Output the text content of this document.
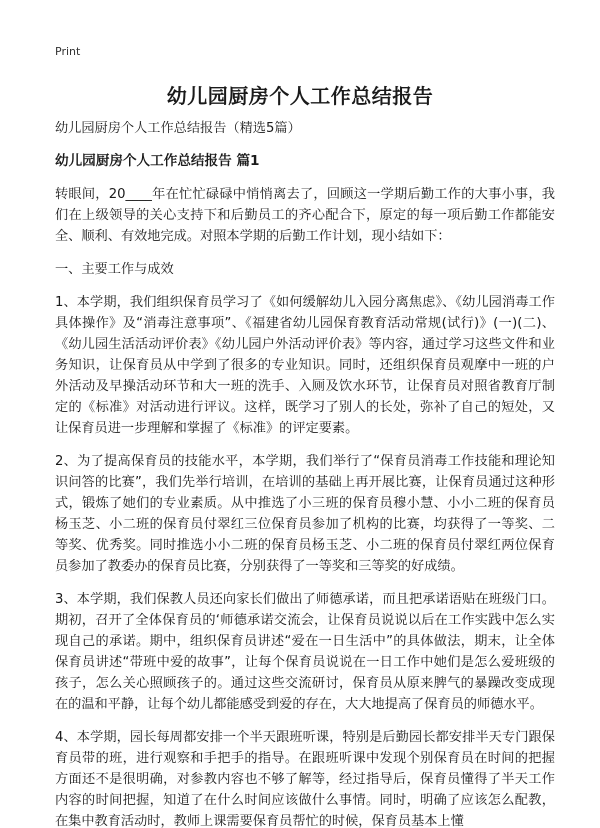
Print
幼儿园厨房个人工作总结报告

幼儿园厨房个人工作总结报告（精选5篇）

幼儿园厨房个人工作总结报告 篇1

转眼间，20____年在忙忙碌碌中悄悄离去了，回顾这一学期后勤工作的大事小事，我们在上级领导的关心支持下和后勤员工的齐心配合下，原定的每一项后勤工作都能安全、顺利、有效地完成。对照本学期的后勤工作计划，现小结如下：

一、主要工作与成效

1、本学期，我们组织保育员学习了《如何缓解幼儿入园分离焦虑》、《幼儿园消毒工作具体操作》及“消毒注意事项”、《福建省幼儿园保育教育活动常规(试行)》(一)(二)、《幼儿园生活活动评价表》《幼儿园户外活动评价表》等内容，通过学习这些文件和业务知识，让保育员从中学到了很多的专业知识。同时，还组织保育员观摩中一班的户外活动及早操活动环节和大一班的洗手、入厕及饮水环节，让保育员对照省教育厅制定的《标准》对活动进行评议。这样，既学习了别人的长处，弥补了自己的短处，又让保育员进一步理解和掌握了《标准》的评定要素。

2、为了提高保育员的技能水平，本学期，我们举行了“保育员消毒工作技能和理论知识问答的比赛”，我们先举行培训，在培训的基础上再开展比赛，让保育员通过这种形式，锻炼了她们的专业素质。从中推选了小三班的保育员穆小慧、小小二班的保育员杨玉芝、小二班的保育员付翠红三位保育员参加了机构的比赛，均获得了一等奖、二等奖、优秀奖。同时推选小小二班的保育员杨玉芝、小二班的保育员付翠红两位保育员参加了教委办的保育员比赛，分别获得了一等奖和三等奖的好成绩。

3、本学期，我们保教人员还向家长们做出了师德承诺，而且把承诺语贴在班级门口。期初，召开了全体保育员的‘师德承诺交流会，让保育员说说以后在工作实践中怎么实现自己的承诺。期中，组织保育员讲述“爱在一日生活中”的具体做法，期末，让全体保育员讲述“带班中爱的故事”，让每个保育员说说在一日工作中她们是怎么爱班级的孩子，怎么关心照顾孩子的。通过这些交流研讨，保育员从原来脾气的暴躁改变成现在的温和平静，让每个幼儿都能感受到爱的存在，大大地提高了保育员的师德水平。

4、本学期，园长每周都安排一个半天跟班听课，特别是后勤园长都安排半天专门跟保育员带的班，进行观察和手把手的指导。在跟班听课中发现个别保育员在时间的把握方面还不是很明确，对参教内容也不够了解等，经过指导后，保育员懂得了半天工作内容的时间把握，知道了在什么时间应该做什么事情。同时，明确了应该怎么配教，在集中教育活动时，教师上课需要保育员帮忙的时候，保育员基本上懂
